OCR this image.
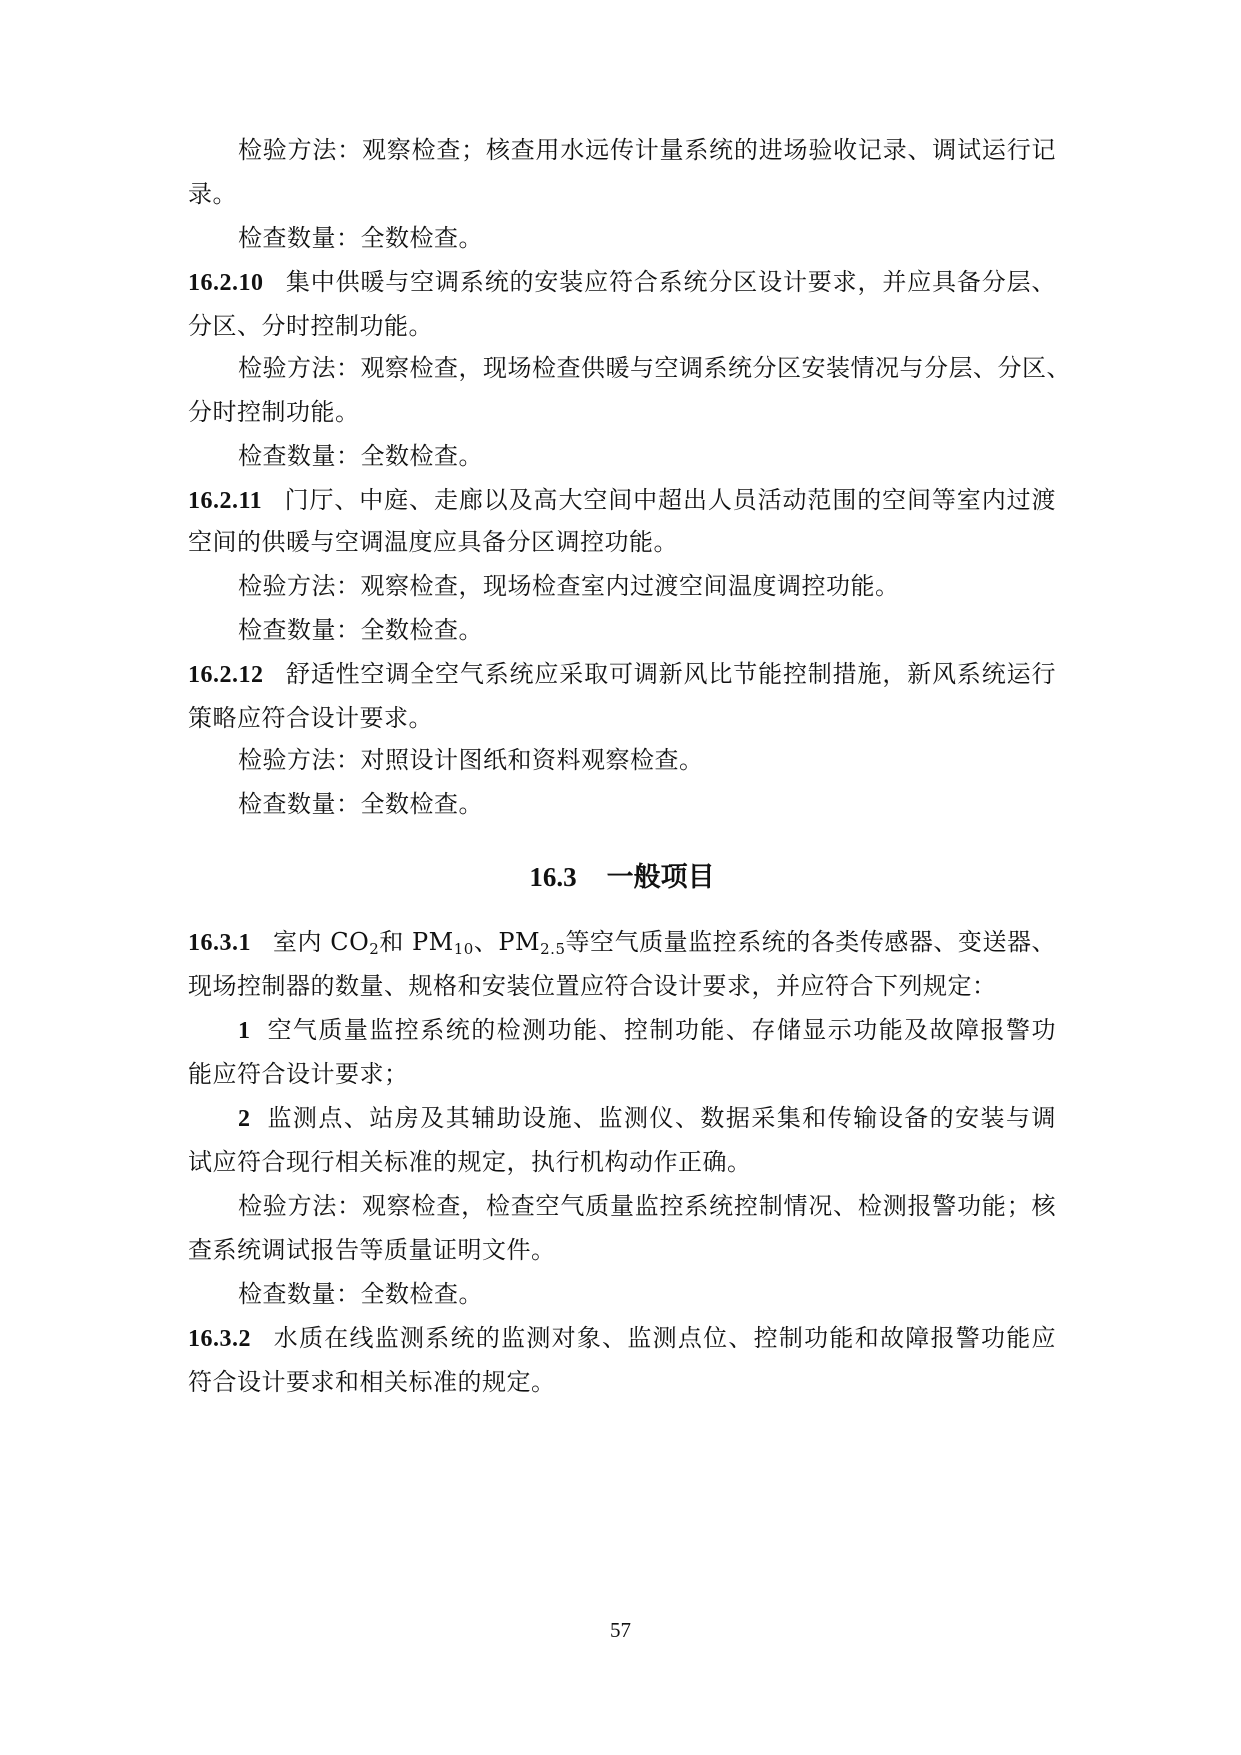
检验方法：观察检查；核查用水远传计量系统的进场验收记录、调试运行记
录。
检查数量：全数检查。
16.2.10 集中供暖与空调系统的安装应符合系统分区设计要求，并应具备分层、
分区、分时控制功能。
检验方法：观察检查，现场检查供暖与空调系统分区安装情况与分层、分区、
分时控制功能。
检查数量：全数检查。
16.2.11 门厅、中庭、走廊以及高大空间中超出人员活动范围的空间等室内过渡
空间的供暖与空调温度应具备分区调控功能。
检验方法：观察检查，现场检查室内过渡空间温度调控功能。
检查数量：全数检查。
16.2.12 舒适性空调全空气系统应采取可调新风比节能控制措施，新风系统运行
策略应符合设计要求。
检验方法：对照设计图纸和资料观察检查。
检查数量：全数检查。
16.3 一般项目
16.3.1 室内 $CO_2$和 $PM_{10}$、$PM_{2.5}$等空气质量监控系统的各类传感器、变送器、
现场控制器的数量、规格和安装位置应符合设计要求，并应符合下列规定：
1 空气质量监控系统的检测功能、控制功能、存储显示功能及故障报警功
能应符合设计要求；
2 监测点、站房及其辅助设施、监测仪、数据采集和传输设备的安装与调
试应符合现行相关标准的规定，执行机构动作正确。
检验方法：观察检查，检查空气质量监控系统控制情况、检测报警功能；核
查系统调试报告等质量证明文件。
检查数量：全数检查。
16.3.2 水质在线监测系统的监测对象、监测点位、控制功能和故障报警功能应
符合设计要求和相关标准的规定。
57
